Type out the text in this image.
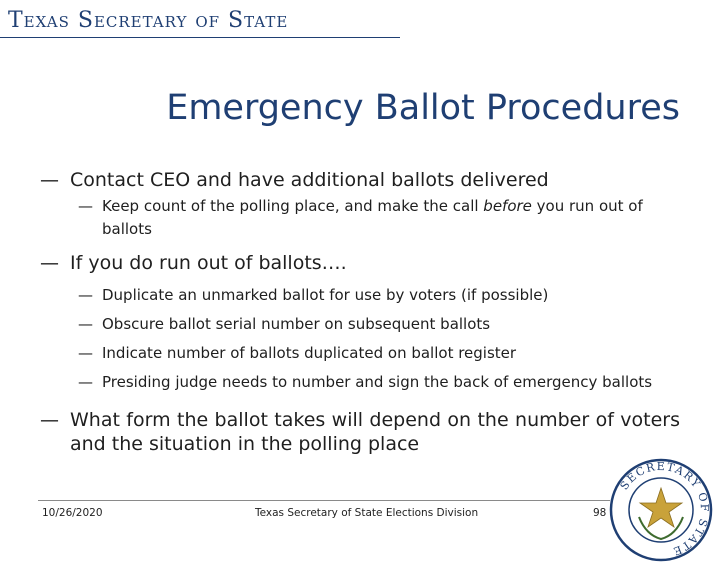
Texas Secretary of State
Emergency Ballot Procedures
— Contact CEO and have additional ballots delivered
— Keep count of the polling place, and make the call before you run out of ballots
— If you do run out of ballots….
— Duplicate an unmarked ballot for use by voters (if possible)
— Obscure ballot serial number on subsequent ballots
— Indicate number of ballots duplicated on ballot register
— Presiding judge needs to number and sign the back of emergency ballots
— What form the ballot takes will depend on the number of voters and the situation in the polling place
10/26/2020	Texas Secretary of State Elections Division	98
SECRETARY OF STATE
